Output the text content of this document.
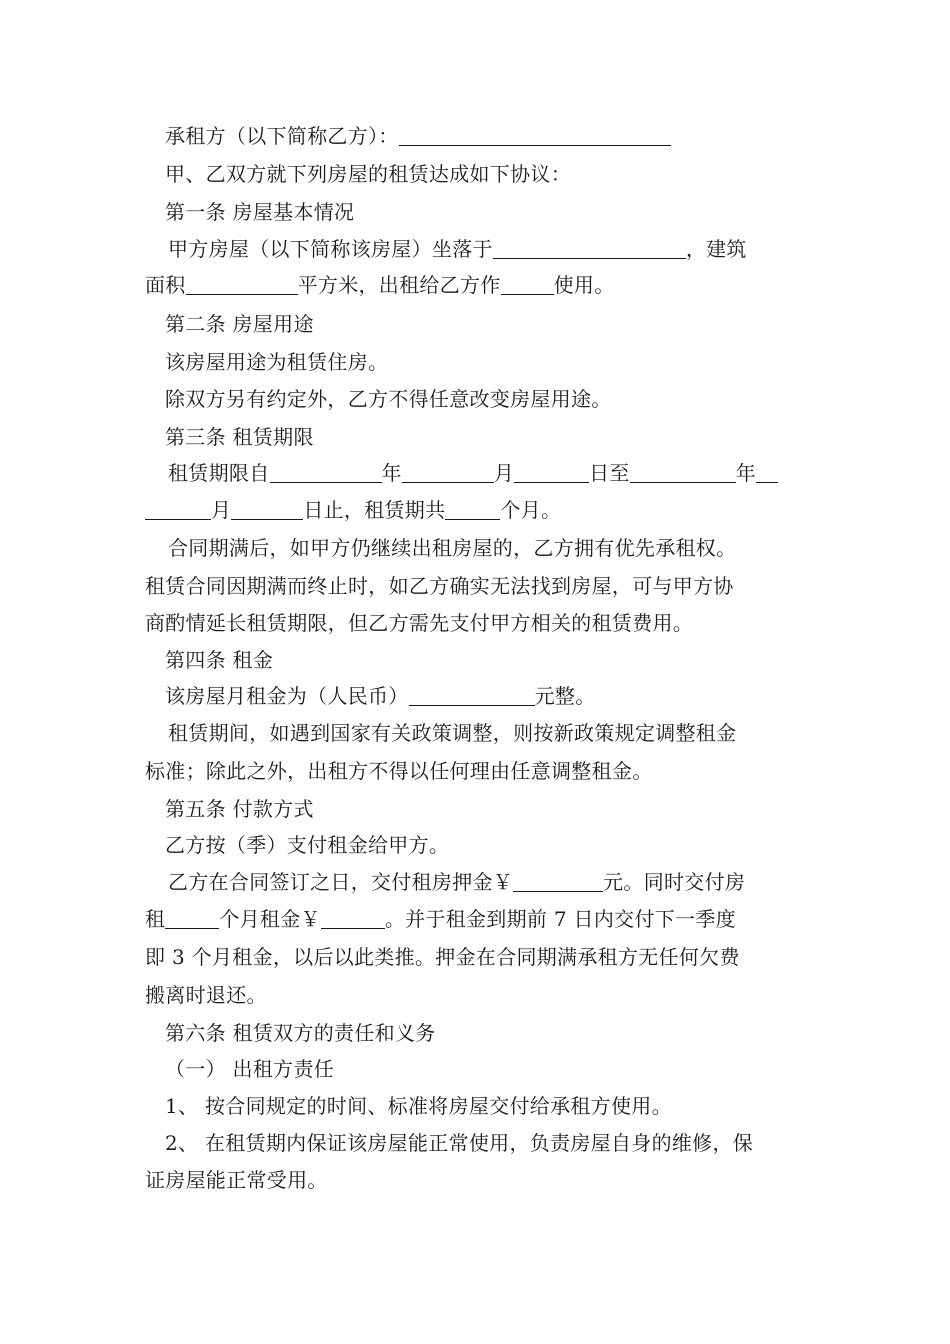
承租方（以下简称乙方）：
甲、乙双方就下列房屋的租赁达成如下协议：
第一条 房屋基本情况
甲方房屋（以下简称该房屋）坐落于	，建筑
面积	平方米，出租给乙方作	使用。
第二条 房屋用途
该房屋用途为租赁住房。
除双方另有约定外，乙方不得任意改变房屋用途。
第三条 租赁期限
租赁期限自	年	月	日至	年
月	日止，租赁期共	个月。
合同期满后，如甲方仍继续出租房屋的，乙方拥有优先承租权。
租赁合同因期满而终止时，如乙方确实无法找到房屋，可与甲方协
商酌情延长租赁期限，但乙方需先支付甲方相关的租赁费用。
第四条 租金
该房屋月租金为（人民币）	元整。
租赁期间，如遇到国家有关政策调整，则按新政策规定调整租金
标准；除此之外，出租方不得以任何理由任意调整租金。
第五条 付款方式
乙方按（季）支付租金给甲方。
乙方在合同签订之日，交付租房押金￥	元。同时交付房
租	个月租金￥	。并于租金到期前 7 日内交付下一季度
即 3 个月租金，以后以此类推。押金在合同期满承租方无任何欠费
搬离时退还。
第六条 租赁双方的责任和义务
（一） 出租方责任
1、 按合同规定的时间、标准将房屋交付给承租方使用。
2、 在租赁期内保证该房屋能正常使用，负责房屋自身的维修，保
证房屋能正常受用。
